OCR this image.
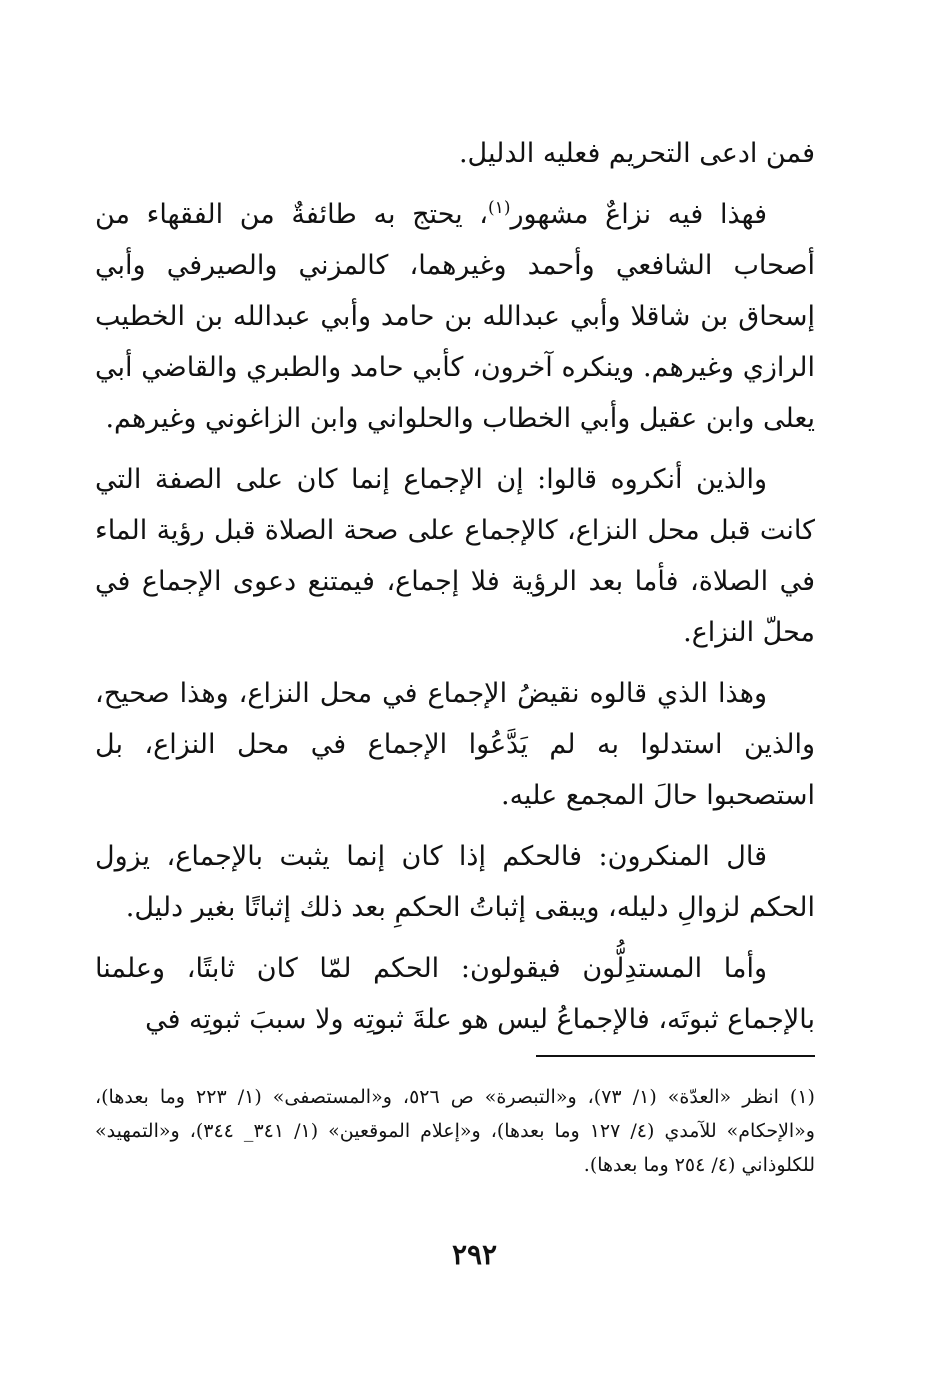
فمن ادعى التحريم فعليه الدليل.

فهذا فيه نزاعٌ مشهور$^{(١)}$، يحتج به طائفةٌ من الفقهاء من أصحاب الشافعي وأحمد وغيرهما، كالمزني والصيرفي وأبي إسحاق بن شاقلا وأبي عبدالله بن حامد وأبي عبدالله بن الخطيب الرازي وغيرهم. وينكره آخرون، كأبي حامد والطبري والقاضي أبي يعلى وابن عقيل وأبي الخطاب والحلواني وابن الزاغوني وغيرهم.

والذين أنكروه قالوا: إن الإجماع إنما كان على الصفة التي كانت قبل محل النزاع، كالإجماع على صحة الصلاة قبل رؤية الماء في الصلاة، فأما بعد الرؤية فلا إجماع، فيمتنع دعوى الإجماع في محلّ النزاع.

وهذا الذي قالوه نقيضُ الإجماع في محل النزاع، وهذا صحيح، والذين استدلوا به لم يَدَّعُوا الإجماع في محل النزاع، بل استصحبوا حالَ المجمع عليه.

قال المنكرون: فالحكم إذا كان إنما يثبت بالإجماع، يزول الحكم لزوالِ دليله، ويبقى إثباتُ الحكمِ بعد ذلك إثباتًا بغير دليل.

وأما المستدِلُّون فيقولون: الحكم لمّا كان ثابتًا، وعلمنا بالإجماع ثبوتَه، فالإجماعُ ليس هو علةَ ثبوتِه ولا سببَ ثبوتِه في

(١) انظر «العدّة» (١/ ٧٣)، و«التبصرة» ص ٥٢٦، و«المستصفى» (١/ ٢٢٣ وما بعدها)، و«الإحكام» للآمدي (٤/ ١٢٧ وما بعدها)، و«إعلام الموقعين» (١/ ٣٤١_ ٣٤٤)، و«التمهيد» للكلوذاني (٤/ ٢٥٤ وما بعدها).

٢٩٢
